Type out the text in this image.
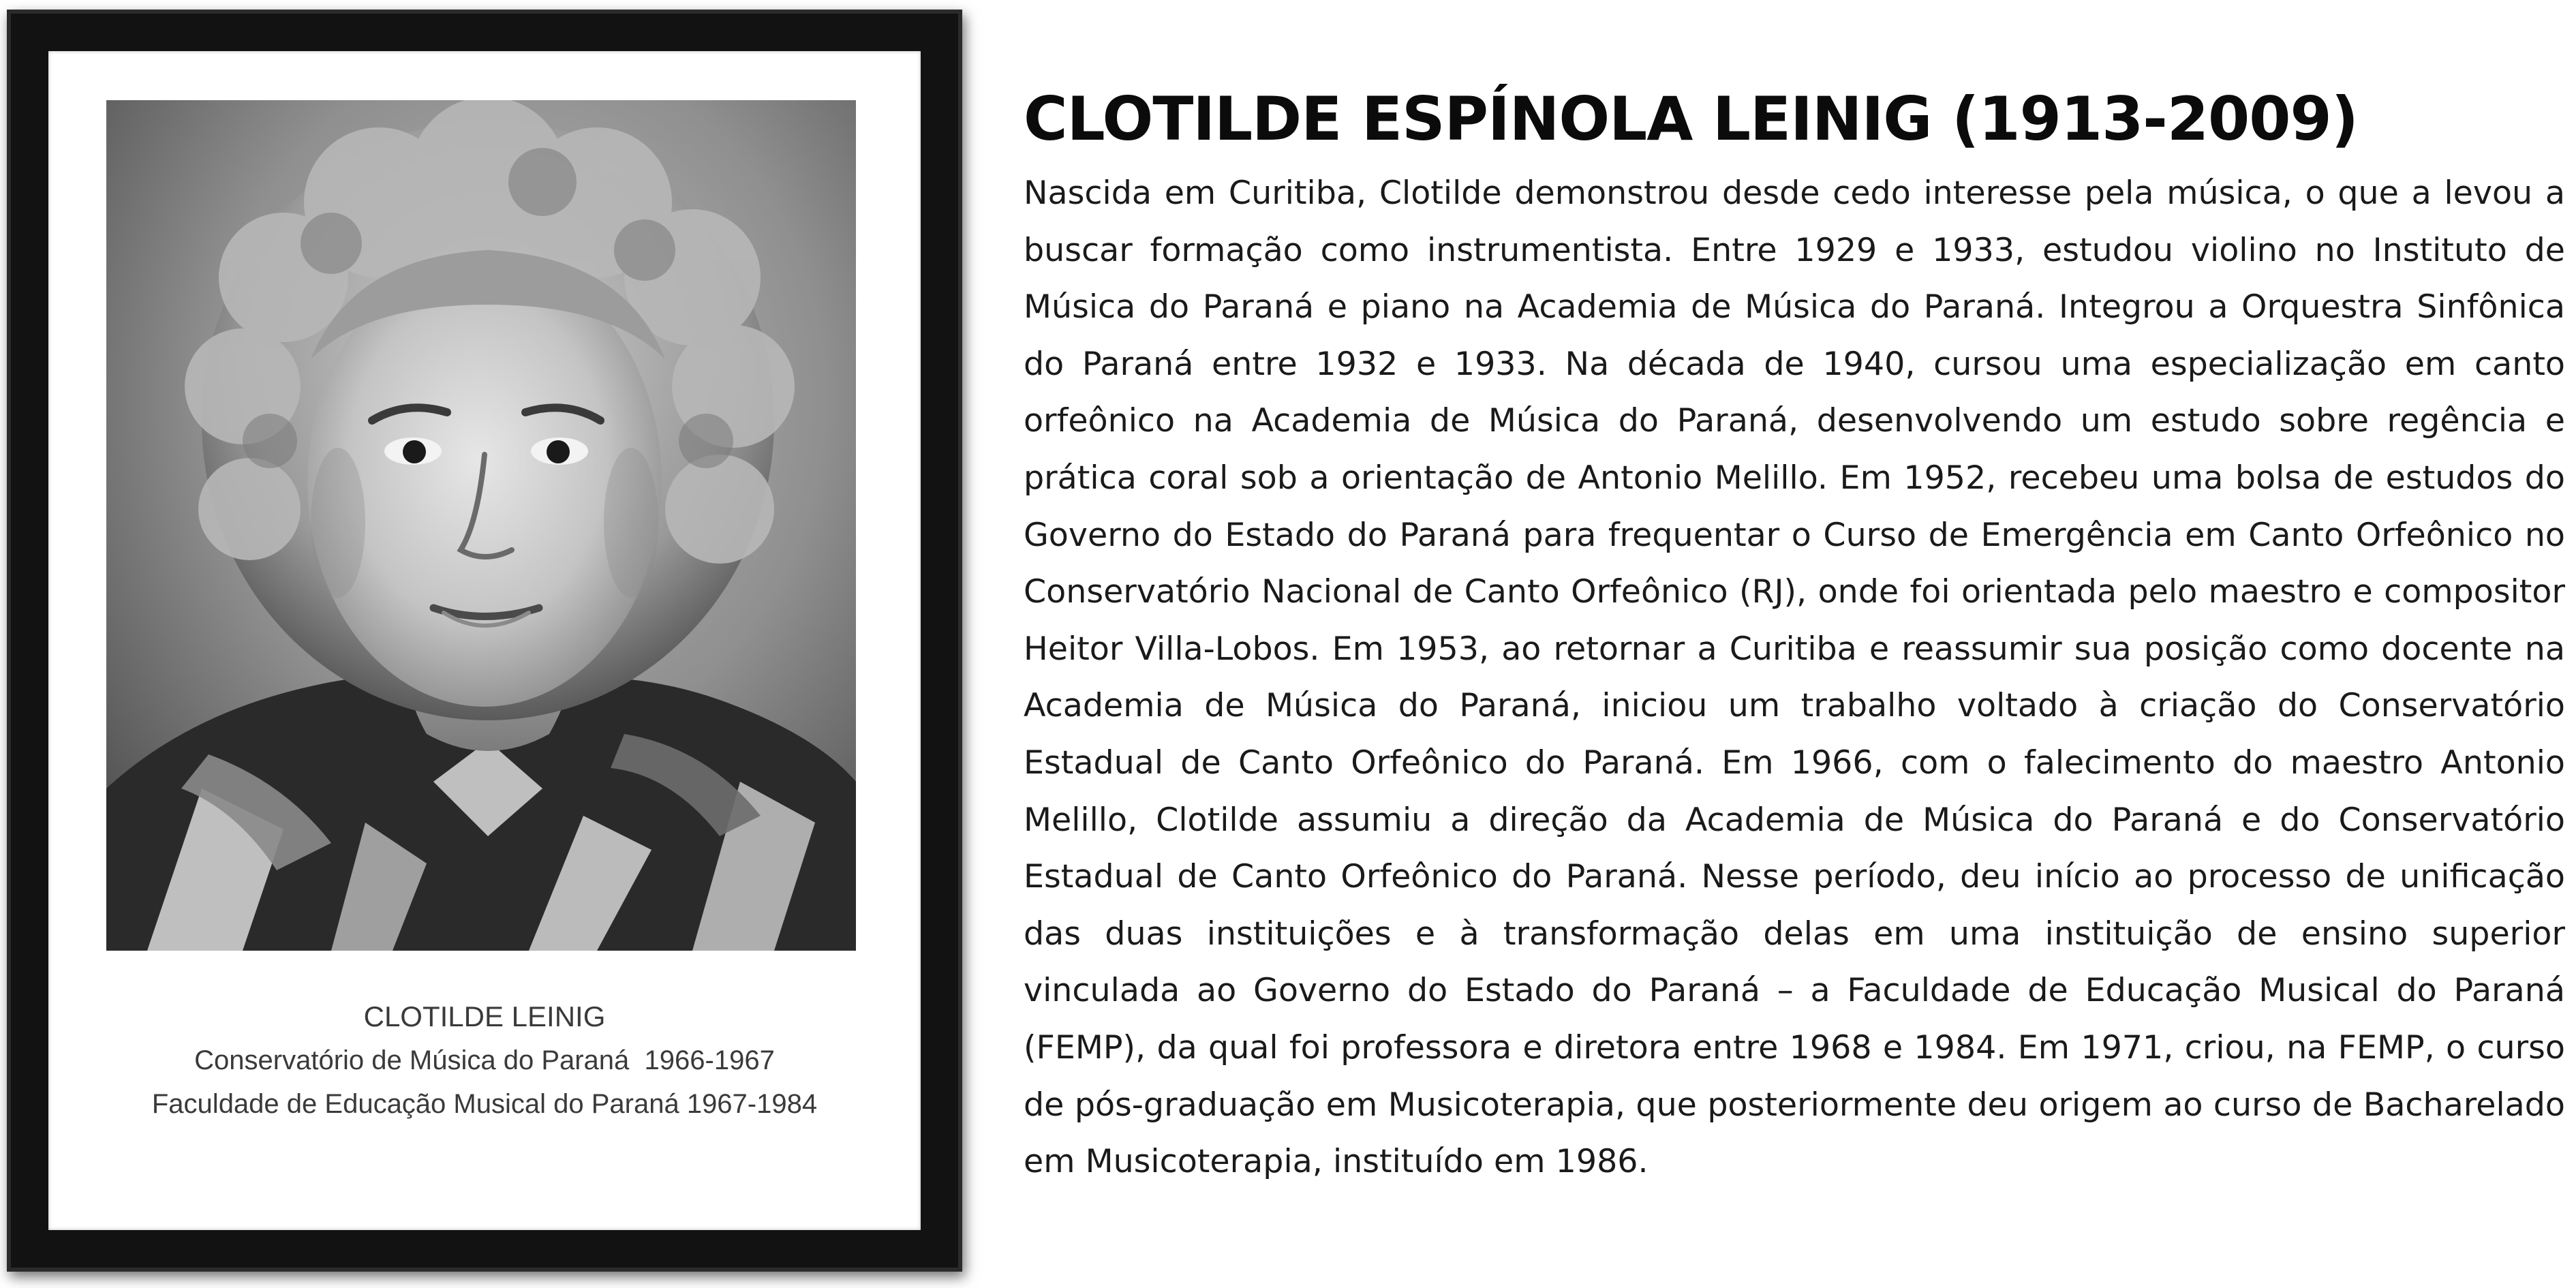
CLOTILDE LEINIG
Conservatório de Música do Paraná  1966-1967
Faculdade de Educação Musical do Paraná 1967-1984
CLOTILDE ESPÍNOLA LEINIG (1913-2009)

Nascida em Curitiba, Clotilde demonstrou desde cedo interesse pela música, o que a levou a buscar formação como instrumentista. Entre 1929 e 1933, estudou violino no Instituto de Música do Paraná e piano na Academia de Música do Paraná. Integrou a Orquestra Sinfônica do Paraná entre 1932 e 1933. Na década de 1940, cursou uma especialização em canto orfeônico na Academia de Música do Paraná, desenvolvendo um estudo sobre regência e prática coral sob a orientação de Antonio Melillo. Em 1952, recebeu uma bolsa de estudos do Governo do Estado do Paraná para frequentar o Curso de Emergência em Canto Orfeônico no Conservatório Nacional de Canto Orfeônico (RJ), onde foi orientada pelo maestro e compositor Heitor Villa-Lobos. Em 1953, ao retornar a Curitiba e reassumir sua posição como docente na Academia de Música do Paraná, iniciou um trabalho voltado à criação do Conservatório Estadual de Canto Orfeônico do Paraná. Em 1966, com o falecimento do maestro Antonio Melillo, Clotilde assumiu a direção da Academia de Música do Paraná e do Conservatório Estadual de Canto Orfeônico do Paraná. Nesse período, deu início ao processo de unificação das duas instituições e à transformação delas em uma instituição de ensino superior vinculada ao Governo do Estado do Paraná – a Faculdade de Educação Musical do Paraná (FEMP), da qual foi professora e diretora entre 1968 e 1984. Em 1971, criou, na FEMP, o curso de pós-graduação em Musicoterapia, que posteriormente deu origem ao curso de Bacharelado em Musicoterapia, instituído em 1986.
